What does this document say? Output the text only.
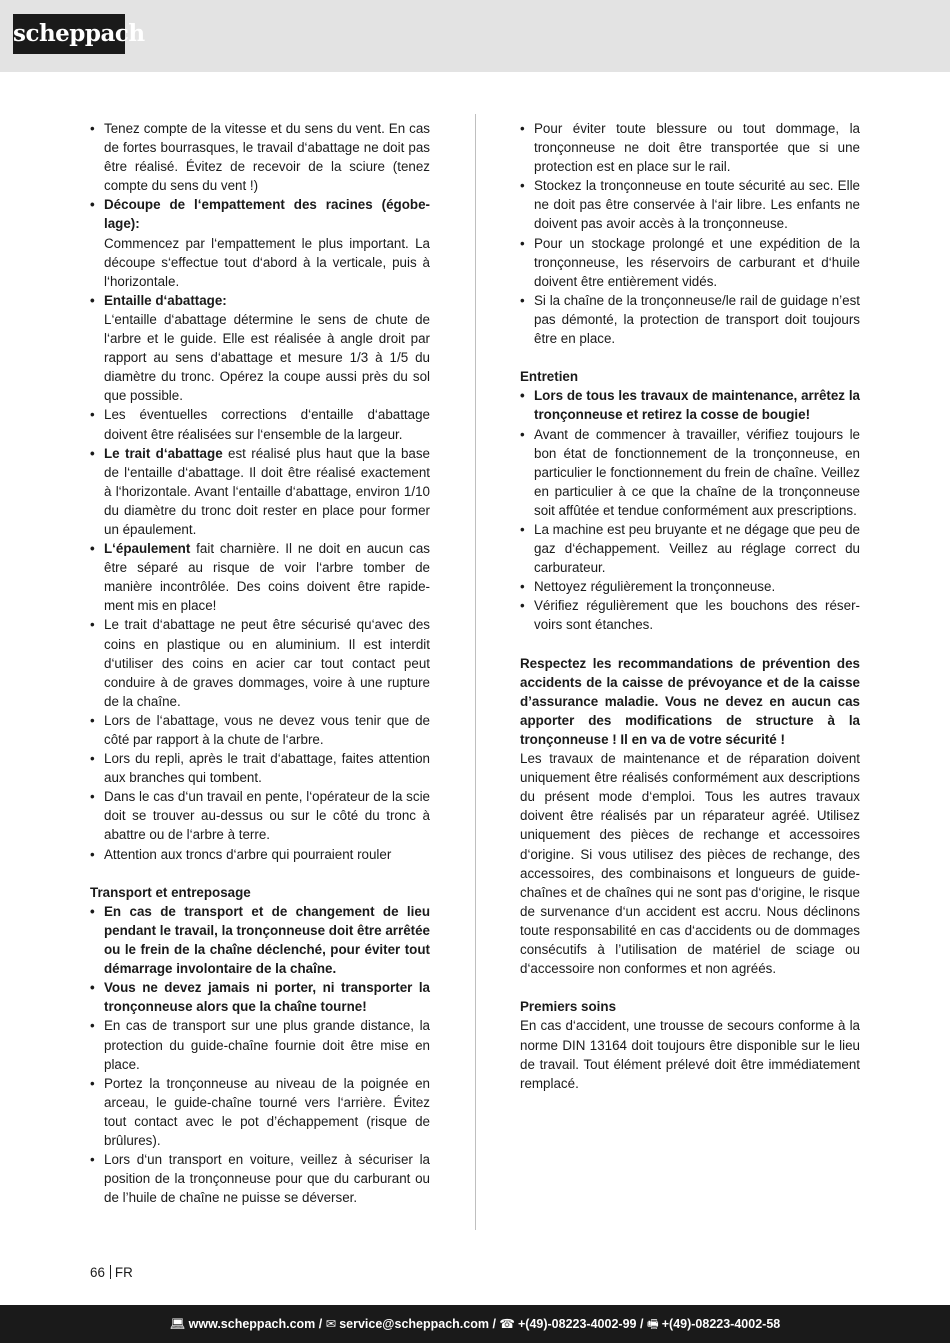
scheppach
• Tenez compte de la vitesse et du sens du vent. En cas de fortes bourrasques, le travail d‘abattage ne doit pas être réalisé. Évitez de recevoir de la sciure (tenez compte du sens du vent !)
• Découpe de l‘empattement des racines (égobelage):
Commencez par l‘empattement le plus important. La découpe s‘effectue tout d‘abord à la verticale, puis à l‘horizontale.
• Entaille d‘abattage:
L‘entaille d‘abattage détermine le sens de chute de l‘arbre et le guide. Elle est réalisée à angle droit par rapport au sens d‘abattage et mesure 1/3 à 1/5 du diamètre du tronc. Opérez la coupe aussi près du sol que possible.
• Les éventuelles corrections d‘entaille d‘abattage doivent être réalisées sur l‘ensemble de la largeur.
• Le trait d‘abattage est réalisé plus haut que la base de l‘entaille d‘abattage. Il doit être réalisé exactement à l‘horizontale. Avant l‘entaille d‘abattage, environ 1/10 du diamètre du tronc doit rester en place pour former un épaulement.
• L‘épaulement fait charnière. Il ne doit en aucun cas être séparé au risque de voir l‘arbre tomber de manière incontrôlée. Des coins doivent être rapidement mis en place!
• Le trait d‘abattage ne peut être sécurisé qu‘avec des coins en plastique ou en aluminium. Il est interdit d‘utiliser des coins en acier car tout contact peut conduire à de graves dommages, voire à une rupture de la chaîne.
• Lors de l‘abattage, vous ne devez vous tenir que de côté par rapport à la chute de l‘arbre.
• Lors du repli, après le trait d‘abattage, faites attention aux branches qui tombent.
• Dans le cas d‘un travail en pente, l‘opérateur de la scie doit se trouver au-dessus ou sur le côté du tronc à abattre ou de l‘arbre à terre.
• Attention aux troncs d‘arbre qui pourraient rouler
Transport et entreposage
• En cas de transport et de changement de lieu pendant le travail, la tronçonneuse doit être arrêtée ou le frein de la chaîne déclenché, pour éviter tout démarrage involontaire de la chaîne.
• Vous ne devez jamais ni porter, ni transporter la tronçonneuse alors que la chaîne tourne!
• En cas de transport sur une plus grande distance, la protection du guide-chaîne fournie doit être mise en place.
• Portez la tronçonneuse au niveau de la poignée en arceau, le guide-chaîne tourné vers l‘arrière. Évitez tout contact avec le pot d’échappement (risque de brûlures).
• Lors d‘un transport en voiture, veillez à sécuriser la position de la tronçonneuse pour que du carburant ou de l’huile de chaîne ne puisse se déverser.
• Pour éviter toute blessure ou tout dommage, la tronçonneuse ne doit être transportée que si une protection est en place sur le rail.
• Stockez la tronçonneuse en toute sécurité au sec. Elle ne doit pas être conservée à l‘air libre. Les enfants ne doivent pas avoir accès à la tronçonneuse.
• Pour un stockage prolongé et une expédition de la tronçonneuse, les réservoirs de carburant et d‘huile doivent être entièrement vidés.
• Si la chaîne de la tronçonneuse/le rail de guidage n’est pas démonté, la protection de transport doit toujours être en place.
Entretien
• Lors de tous les travaux de maintenance, arrêtez la tronçonneuse et retirez la cosse de bougie!
• Avant de commencer à travailler, vérifiez toujours le bon état de fonctionnement de la tronçonneuse, en particulier le fonctionnement du frein de chaîne. Veillez en particulier à ce que la chaîne de la tronçonneuse soit affûtée et tendue conformément aux prescriptions.
• La machine est peu bruyante et ne dégage que peu de gaz d‘échappement. Veillez au réglage correct du carburateur.
• Nettoyez régulièrement la tronçonneuse.
• Vérifiez régulièrement que les bouchons des réservoirs sont étanches.

Respectez les recommandations de prévention des accidents de la caisse de prévoyance et de la caisse d’assurance maladie. Vous ne devez en aucun cas apporter des modifications de structure à la tronçonneuse ! Il en va de votre sécurité !

Les travaux de maintenance et de réparation doivent uniquement être réalisés conformément aux descriptions du présent mode d‘emploi. Tous les autres travaux doivent être réalisés par un réparateur agréé. Utilisez uniquement des pièces de rechange et accessoires d‘origine. Si vous utilisez des pièces de rechange, des accessoires, des combinaisons et longueurs de guide-chaînes et de chaînes qui ne sont pas d‘origine, le risque de survenance d‘un accident est accru. Nous déclinons toute responsabilité en cas d‘accidents ou de dommages consécutifs à l’utilisation de matériel de sciage ou d‘accessoire non conformes et non agréés.

Premiers soins

En cas d‘accident, une trousse de secours conforme à la norme DIN 13164 doit toujours être disponible sur le lieu de travail. Tout élément prélevé doit être immédiatement remplacé.

66 FR
💻︎ www.scheppach.com / ✉︎ service@scheppach.com / ☎︎ +(49)-08223-4002-99 / 🖷︎ +(49)-08223-4002-58
